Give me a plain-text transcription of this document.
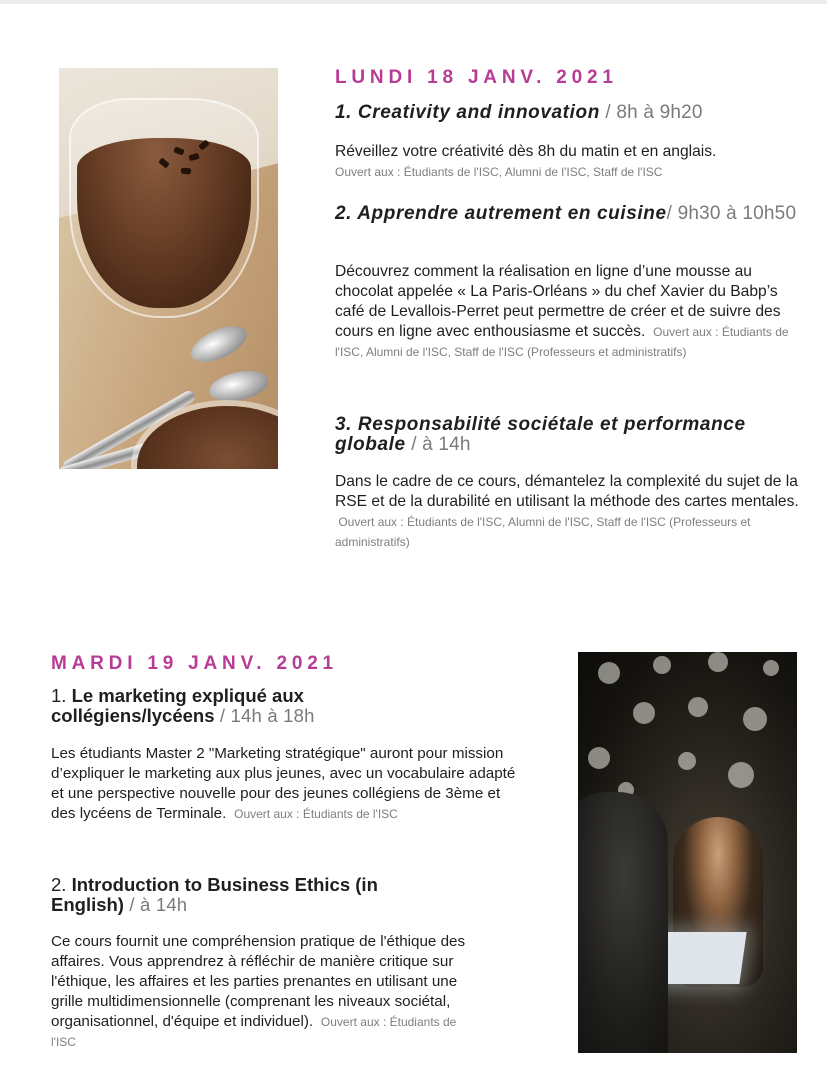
LUNDI 18 JANV. 2021

1. Creativity and innovation / 8h à 9h20

Réveillez votre créativité dès 8h du matin et en anglais.

Ouvert aux : Étudiants de l'ISC, Alumni de l'ISC, Staff de l'ISC
2. Apprendre autrement en cuisine/ 9h30 à 10h50

Découvrez comment la réalisation en ligne d’une mousse au chocolat appelée « La Paris-Orléans » du chef Xavier du Babp’s café de Levallois-Perret peut permettre de créer et de suivre des cours en ligne avec enthousiasme et succès. Ouvert aux : Étudiants de l'ISC, Alumni de l'ISC, Staff de l'ISC (Professeurs et administratifs)
3. Responsabilité sociétale et performance globale / à 14h

Dans le cadre de ce cours, démantelez la complexité du sujet de la RSE et de la durabilité en utilisant la méthode des cartes mentales.

Ouvert aux : Étudiants de l'ISC, Alumni de l'ISC, Staff de l'ISC (Professeurs et administratifs)

MARDI 19 JANV. 2021

1. Le marketing expliqué aux collégiens/lycéens / 14h à 18h

Les étudiants Master 2 "Marketing stratégique" auront pour mission d’expliquer le marketing aux plus jeunes, avec un vocabulaire adapté et une perspective nouvelle pour des jeunes collégiens de 3ème et des lycéens de Terminale. Ouvert aux : Étudiants de l'ISC
2. Introduction to Business Ethics (in English) / à 14h

Ce cours fournit une compréhension pratique de l'éthique des affaires. Vous apprendrez à réfléchir de manière critique sur l'éthique, les affaires et les parties prenantes en utilisant une grille multidimensionnelle (comprenant les niveaux sociétal, organisationnel, d'équipe et individuel). Ouvert aux : Étudiants de l'ISC
